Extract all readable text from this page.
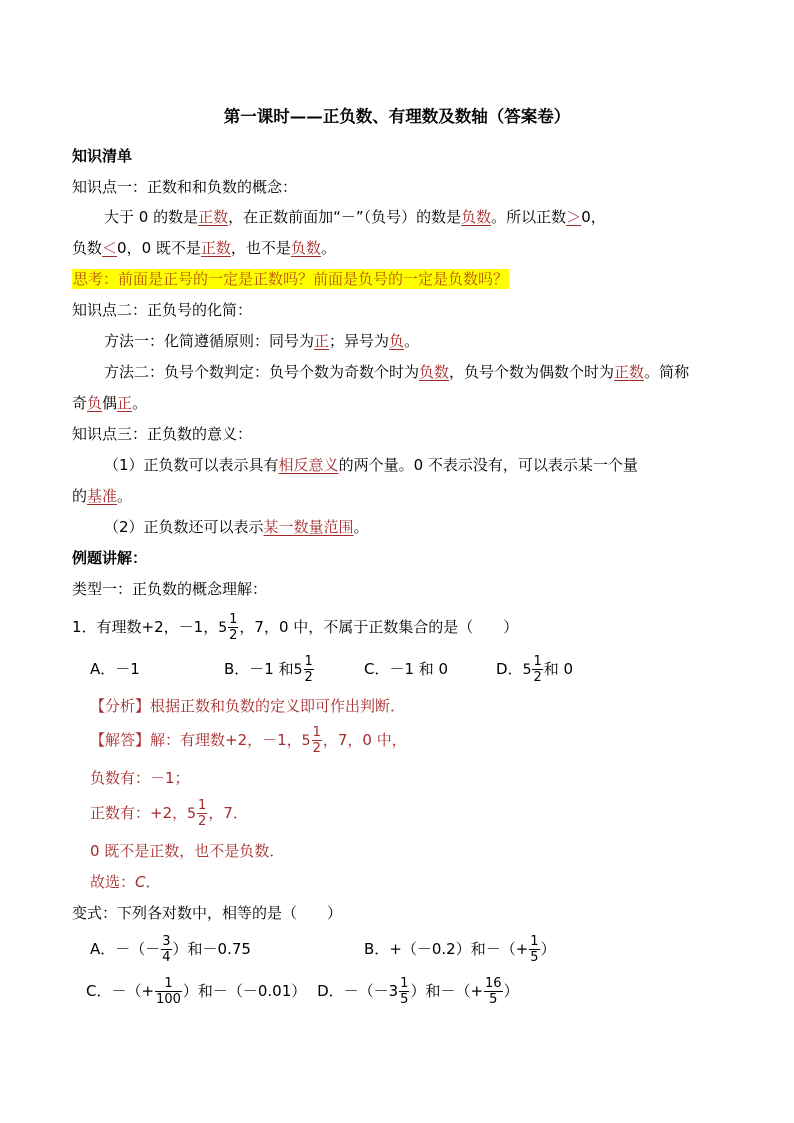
第一课时——正负数、有理数及数轴（答案卷）
知识清单
知识点一：正数和和负数的概念：
大于 0 的数是正数，在正数前面加“－”（负号）的数是负数。所以正数＞0，
负数＜0，0 既不是正数，也不是负数。
思考：前面是正号的一定是正数吗？前面是负号的一定是负数吗？
知识点二：正负号的化简：
方法一：化简遵循原则：同号为正；异号为负。
方法二：负号个数判定：负号个数为奇数个时为负数，负号个数为偶数个时为正数。简称
奇负偶正。
知识点三：正负数的意义：
（1）正负数可以表示具有相反意义的两个量。0 不表示没有，可以表示某一个量
的基准。
（2）正负数还可以表示某一数量范围。
例题讲解：
类型一：正负数的概念理解：
1．有理数+2，－1，$5 \frac{1}{2}$ ，7，0 中，不属于正数集合的是（　　）
A．－1	B．－1 和$5 \frac{1}{2}$	C．－1 和 0	D．$5 \frac{1}{2}$ 和 0
【分析】根据正数和负数的定义即可作出判断．
【解答】解：有理数+2，－1，$5 \frac{1}{2}$ ，7，0 中，
负数有：－1；
正数有：+2，$5 \frac{1}{2}$ ，7．
0 既不是正数，也不是负数．
故选：C．
变式：下列各对数中，相等的是（　　）
A．－（－ $\frac{3}{4}$ ）和－0.75	B．+（－0.2）和－（+ $\frac{1}{5}$ ）
C．－（+ $\frac{1}{100}$ ）和－（－0.01） D．$-(-3 \frac{1}{5}$ ）和－（+ $\frac{16}{5}$ ）
